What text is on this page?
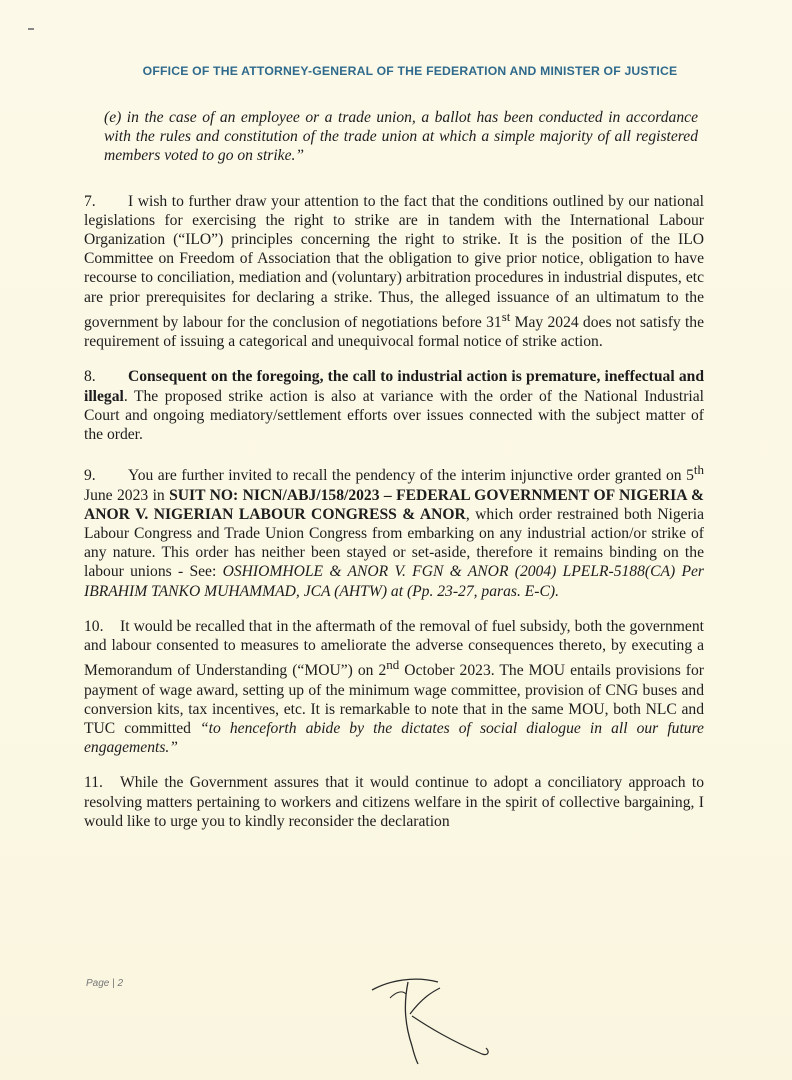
OFFICE OF THE ATTORNEY-GENERAL OF THE FEDERATION AND MINISTER OF JUSTICE

(e) in the case of an employee or a trade union, a ballot has been conducted in accordance with the rules and constitution of the trade union at which a simple majority of all registered members voted to go on strike.”

7. I wish to further draw your attention to the fact that the conditions outlined by our national legislations for exercising the right to strike are in tandem with the International Labour Organization (“ILO”) principles concerning the right to strike. It is the position of the ILO Committee on Freedom of Association that the obligation to give prior notice, obligation to have recourse to conciliation, mediation and (voluntary) arbitration procedures in industrial disputes, etc are prior prerequisites for declaring a strike. Thus, the alleged issuance of an ultimatum to the government by labour for the conclusion of negotiations before 31st May 2024 does not satisfy the requirement of issuing a categorical and unequivocal formal notice of strike action.

8. Consequent on the foregoing, the call to industrial action is premature, ineffectual and illegal. The proposed strike action is also at variance with the order of the National Industrial Court and ongoing mediatory/settlement efforts over issues connected with the subject matter of the order.

9. You are further invited to recall the pendency of the interim injunctive order granted on 5th June 2023 in SUIT NO: NICN/ABJ/158/2023 – FEDERAL GOVERNMENT OF NIGERIA & ANOR V. NIGERIAN LABOUR CONGRESS & ANOR, which order restrained both Nigeria Labour Congress and Trade Union Congress from embarking on any industrial action/or strike of any nature. This order has neither been stayed or set-aside, therefore it remains binding on the labour unions - See: OSHIOMHOLE & ANOR V. FGN & ANOR (2004) LPELR-5188(CA) Per IBRAHIM TANKO MUHAMMAD, JCA (AHTW) at (Pp. 23-27, paras. E-C).

10. It would be recalled that in the aftermath of the removal of fuel subsidy, both the government and labour consented to measures to ameliorate the adverse consequences thereto, by executing a Memorandum of Understanding (“MOU”) on 2nd October 2023. The MOU entails provisions for payment of wage award, setting up of the minimum wage committee, provision of CNG buses and conversion kits, tax incentives, etc. It is remarkable to note that in the same MOU, both NLC and TUC committed “to henceforth abide by the dictates of social dialogue in all our future engagements.”

11. While the Government assures that it would continue to adopt a conciliatory approach to resolving matters pertaining to workers and citizens welfare in the spirit of collective bargaining, I would like to urge you to kindly reconsider the declaration

Page | 2
